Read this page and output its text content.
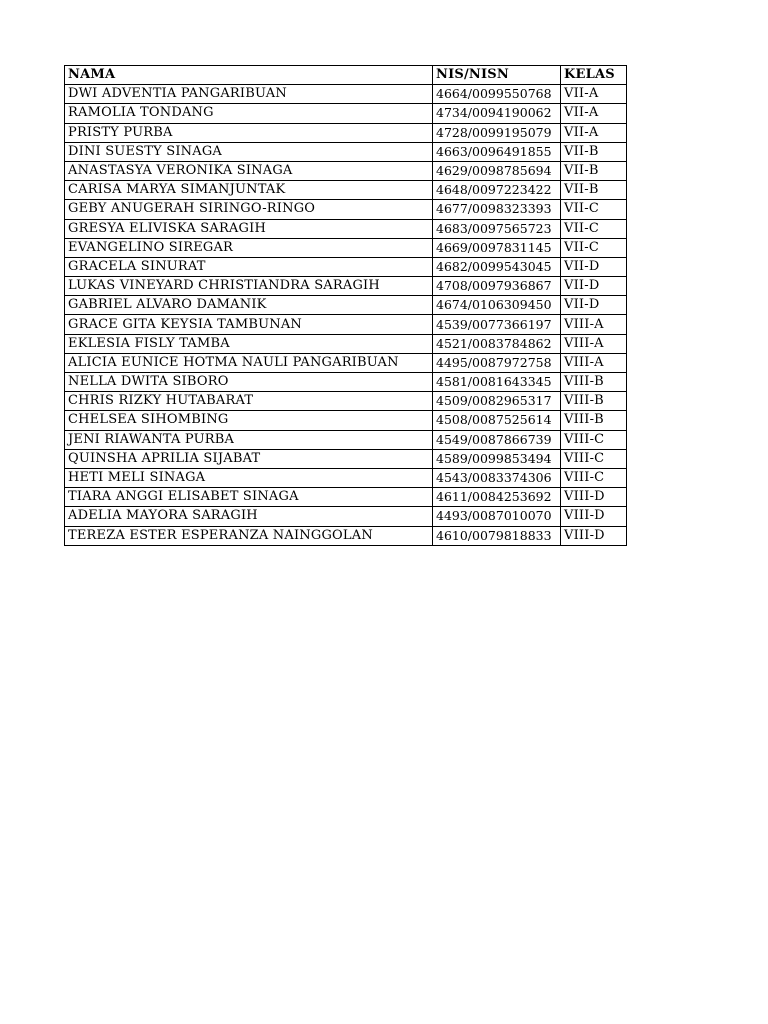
NAMA	NIS/NISN	KELAS
DWI ADVENTIA PANGARIBUAN	4664/0099550768	VII-A
RAMOLIA TONDANG	4734/0094190062	VII-A
PRISTY PURBA	4728/0099195079	VII-A
DINI SUESTY SINAGA	4663/0096491855	VII-B
ANASTASYA VERONIKA SINAGA	4629/0098785694	VII-B
CARISA MARYA SIMANJUNTAK	4648/0097223422	VII-B
GEBY ANUGERAH SIRINGO-RINGO	4677/0098323393	VII-C
GRESYA ELIVISKA SARAGIH	4683/0097565723	VII-C
EVANGELINO SIREGAR	4669/0097831145	VII-C
GRACELA SINURAT	4682/0099543045	VII-D
LUKAS VINEYARD CHRISTIANDRA SARAGIH	4708/0097936867	VII-D
GABRIEL ALVARO DAMANIK	4674/0106309450	VII-D
GRACE GITA KEYSIA TAMBUNAN	4539/0077366197	VIII-A
EKLESIA FISLY TAMBA	4521/0083784862	VIII-A
ALICIA EUNICE HOTMA NAULI PANGARIBUAN	4495/0087972758	VIII-A
NELLA DWITA SIBORO	4581/0081643345	VIII-B
CHRIS RIZKY HUTABARAT	4509/0082965317	VIII-B
CHELSEA SIHOMBING	4508/0087525614	VIII-B
JENI RIAWANTA PURBA	4549/0087866739	VIII-C
QUINSHA APRILIA SIJABAT	4589/0099853494	VIII-C
HETI MELI SINAGA	4543/0083374306	VIII-C
TIARA ANGGI ELISABET SINAGA	4611/0084253692	VIII-D
ADELIA MAYORA SARAGIH	4493/0087010070	VIII-D
TEREZA ESTER ESPERANZA NAINGGOLAN	4610/0079818833	VIII-D
